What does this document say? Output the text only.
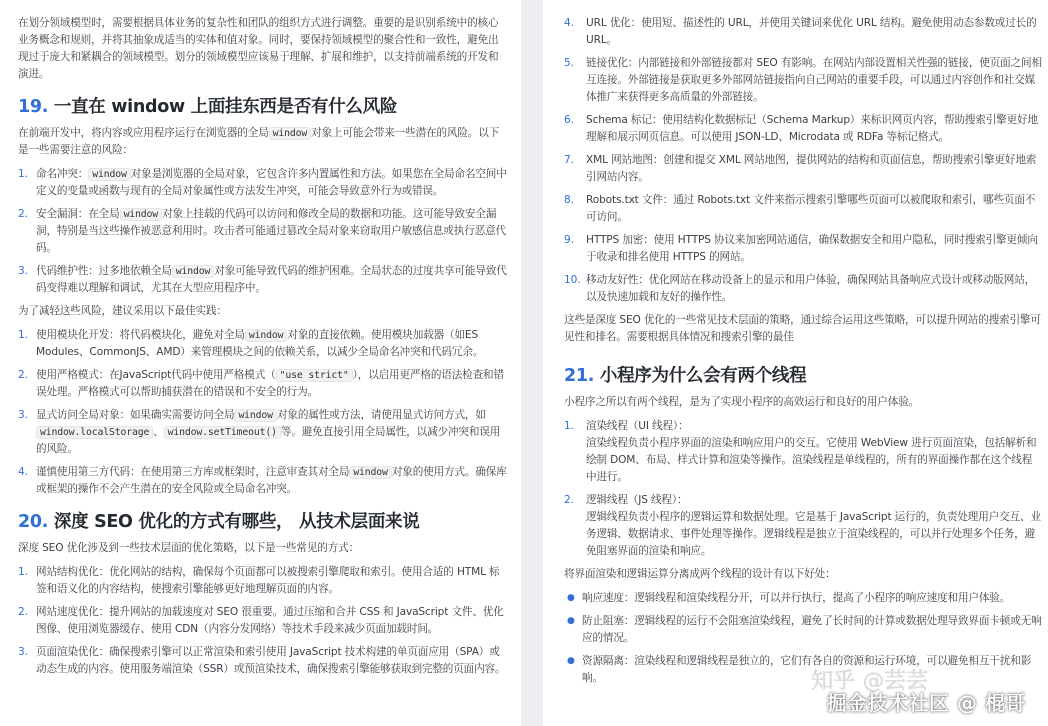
在划分领域模型时，需要根据具体业务的复杂性和团队的组织方式进行调整。重要的是识别系统中的核心业务概念和规则，并将其抽象成适当的实体和值对象。同时，要保持领域模型的聚合性和一致性，避免出现过于庞大和紧耦合的领域模型。划分的领域模型应该易于理解、扩展和维护，以支持前端系统的开发和演进。

19. 一直在 window 上面挂东西是否有什么风险

在前端开发中，将内容或应用程序运行在浏览器的全局 window 对象上可能会带来一些潜在的风险。以下是一些需要注意的风险：

1. 命名冲突： window 对象是浏览器的全局对象，它包含许多内置属性和方法。如果您在全局命名空间中定义的变量或函数与现有的全局对象属性或方法发生冲突，可能会导致意外行为或错误。
2. 安全漏洞：在全局 window 对象上挂载的代码可以访问和修改全局的数据和功能。这可能导致安全漏洞，特别是当这些操作被恶意利用时。攻击者可能通过篡改全局对象来窃取用户敏感信息或执行恶意代码。
3. 代码维护性：过多地依赖全局 window 对象可能导致代码的维护困难。全局状态的过度共享可能导致代码变得难以理解和调试，尤其在大型应用程序中。

为了减轻这些风险，建议采用以下最佳实践：

1. 使用模块化开发：将代码模块化，避免对全局 window 对象的直接依赖。使用模块加载器（如ES Modules、CommonJS、AMD）来管理模块之间的依赖关系，以减少全局命名冲突和代码冗余。
2. 使用严格模式：在JavaScript代码中使用严格模式（ "use strict" ），以启用更严格的语法检查和错误处理。严格模式可以帮助捕获潜在的错误和不安全的行为。
3. 显式访问全局对象：如果确实需要访问全局 window 对象的属性或方法，请使用显式访问方式，如window.localStorage 、 window.setTimeout() 等。避免直接引用全局属性，以减少冲突和误用的风险。
4. 谨慎使用第三方代码：在使用第三方库或框架时，注意审查其对全局 window 对象的使用方式。确保库或框架的操作不会产生潜在的安全风险或全局命名冲突。
20. 深度 SEO 优化的方式有哪些， 从技术层面来说

深度 SEO 优化涉及到一些技术层面的优化策略，以下是一些常见的方式：

1. 网站结构优化：优化网站的结构，确保每个页面都可以被搜索引擎爬取和索引。使用合适的 HTML 标签和语义化的内容结构，使搜索引擎能够更好地理解页面的内容。
2. 网站速度优化：提升网站的加载速度对 SEO 很重要。通过压缩和合并 CSS 和 JavaScript 文件、优化图像、使用浏览器缓存、使用 CDN（内容分发网络）等技术手段来减少页面加载时间。
3. 页面渲染优化：确保搜索引擎可以正常渲染和索引使用 JavaScript 技术构建的单页面应用（SPA）或动态生成的内容。使用服务端渲染（SSR）或预渲染技术，确保搜索引擎能够获取到完整的页面内容。
4. URL 优化：使用短、描述性的 URL，并使用关键词来优化 URL 结构。避免使用动态参数或过长的 URL。
5. 链接优化：内部链接和外部链接都对 SEO 有影响。在网站内部设置相关性强的链接，使页面之间相互连接。外部链接是获取更多外部网站链接指向自己网站的重要手段，可以通过内容创作和社交媒体推广来获得更多高质量的外部链接。
6. Schema 标记：使用结构化数据标记（Schema Markup）来标识网页内容，帮助搜索引擎更好地理解和展示网页信息。可以使用 JSON-LD、Microdata 或 RDFa 等标记格式。
7. XML 网站地图：创建和提交 XML 网站地图，提供网站的结构和页面信息，帮助搜索引擎更好地索引网站内容。
8. Robots.txt 文件：通过 Robots.txt 文件来指示搜索引擎哪些页面可以被爬取和索引，哪些页面不可访问。
9. HTTPS 加密：使用 HTTPS 协议来加密网站通信，确保数据安全和用户隐私，同时搜索引擎更倾向于收录和排名使用 HTTPS 的网站。
10. 移动友好性：优化网站在移动设备上的显示和用户体验，确保网站具备响应式设计或移动版网站，以及快速加载和友好的操作性。

这些是深度 SEO 优化的一些常见技术层面的策略，通过综合运用这些策略，可以提升网站的搜索引擎可见性和排名。需要根据具体情况和搜索引擎的最佳

21. 小程序为什么会有两个线程

小程序之所以有两个线程，是为了实现小程序的高效运行和良好的用户体验。

1. 渲染线程（UI 线程）：
渲染线程负责小程序界面的渲染和响应用户的交互。它使用 WebView 进行页面渲染，包括解析和绘制 DOM、布局、样式计算和渲染等操作。渲染线程是单线程的，所有的界面操作都在这个线程中进行。
2. 逻辑线程（JS 线程）：
逻辑线程负责小程序的逻辑运算和数据处理。它是基于 JavaScript 运行的，负责处理用户交互、业务逻辑、数据请求、事件处理等操作。逻辑线程是独立于渲染线程的，可以并行处理多个任务，避免阻塞界面的渲染和响应。

将界面渲染和逻辑运算分离成两个线程的设计有以下好处：

● 响应速度：逻辑线程和渲染线程分开，可以并行执行，提高了小程序的响应速度和用户体验。
● 防止阻塞：逻辑线程的运行不会阻塞渲染线程，避免了长时间的计算或数据处理导致界面卡顿或无响应的情况。
● 资源隔离：渲染线程和逻辑线程是独立的，它们有各自的资源和运行环境，可以避免相互干扰和影响。	知乎 @芸芸
掘金技术社区 @ 棍哥
